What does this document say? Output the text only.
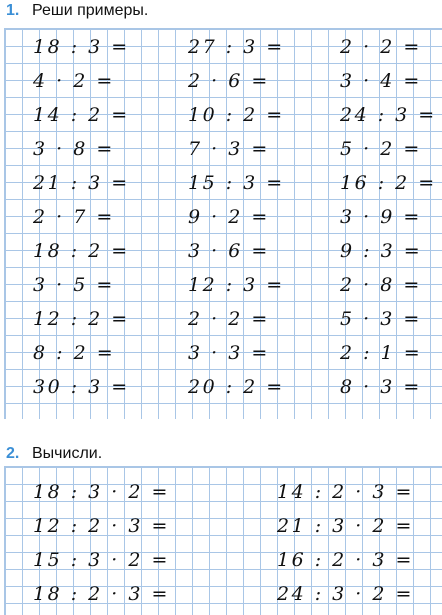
1. Реши примеры.
18 : 3 =
4 · 2 =
14 : 2 =
3 · 8 =
21 : 3 =
2 · 7 =
18 : 2 =
3 · 5 =
12 : 2 =
8 : 2 =
30 : 3 =
27 : 3 =
2 · 6 =
10 : 2 =
7 · 3 =
15 : 3 =
9 · 2 =
3 · 6 =
12 : 3 =
2 · 2 =
3 · 3 =
20 : 2 =
2 · 2 =
3 · 4 =
24 : 3 =
5 · 2 =
16 : 2 =
3 · 9 =
9 : 3 =
2 · 8 =
5 · 3 =
2 : 1 =
8 · 3 =
2. Вычисли.
18 : 3 · 2 =
12 : 2 · 3 =
15 : 3 · 2 =
18 : 2 · 3 =
14 : 2 · 3 =
21 : 3 · 2 =
16 : 2 · 3 =
24 : 3 · 2 =
